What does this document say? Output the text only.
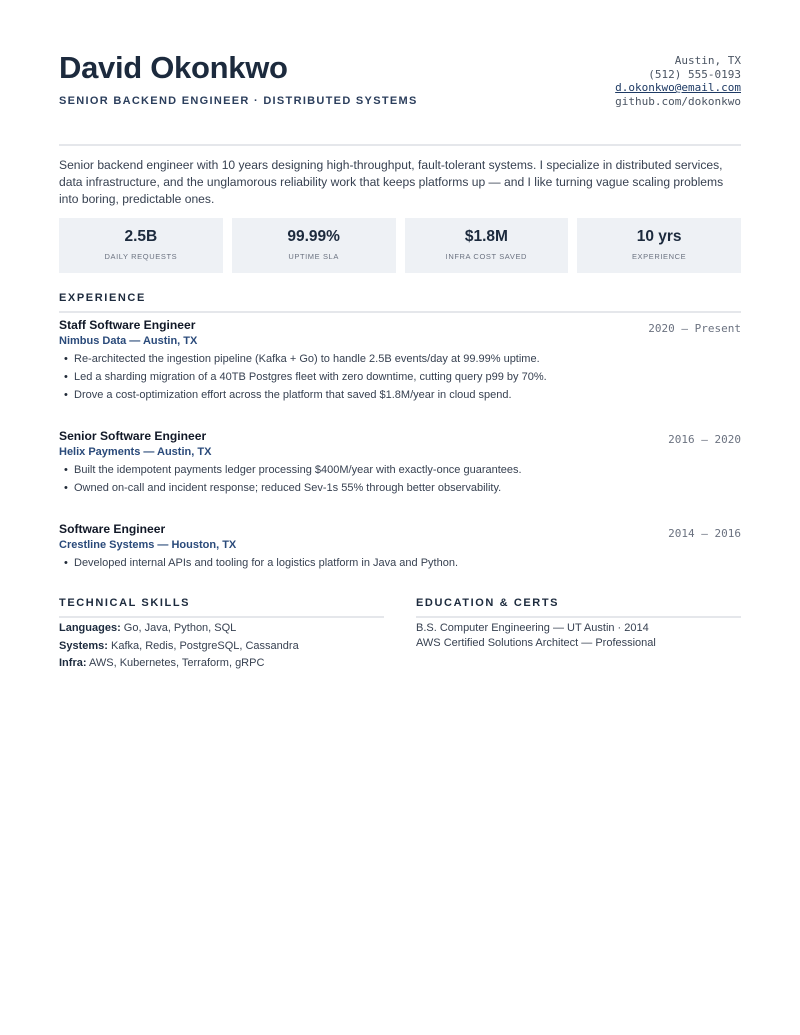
David Okonkwo
SENIOR BACKEND ENGINEER · DISTRIBUTED SYSTEMS
Austin, TX
(512) 555-0193
d.okonkwo@email.com
github.com/dokonkwo

Senior backend engineer with 10 years designing high-throughput, fault-tolerant systems. I specialize in distributed services, data infrastructure, and the unglamorous reliability work that keeps platforms up — and I like turning vague scaling problems into boring, predictable ones.

2.5B
DAILY REQUESTS
99.99%
UPTIME SLA
$1.8M
INFRA COST SAVED
10 yrs
EXPERIENCE
EXPERIENCE
Staff Software Engineer
Nimbus Data — Austin, TX
2020 — Present
• Re-architected the ingestion pipeline (Kafka + Go) to handle 2.5B events/day at 99.99% uptime.
• Led a sharding migration of a 40TB Postgres fleet with zero downtime, cutting query p99 by 70%.
• Drove a cost-optimization effort across the platform that saved $1.8M/year in cloud spend.
Senior Software Engineer
Helix Payments — Austin, TX
2016 — 2020
• Built the idempotent payments ledger processing $400M/year with exactly-once guarantees.
• Owned on-call and incident response; reduced Sev-1s 55% through better observability.
Software Engineer
Crestline Systems — Houston, TX
2014 — 2016
• Developed internal APIs and tooling for a logistics platform in Java and Python.
TECHNICAL SKILLS
Languages: Go, Java, Python, SQL
Systems: Kafka, Redis, PostgreSQL, Cassandra
Infra: AWS, Kubernetes, Terraform, gRPC
EDUCATION & CERTS
B.S. Computer Engineering — UT Austin · 2014
AWS Certified Solutions Architect — Professional
